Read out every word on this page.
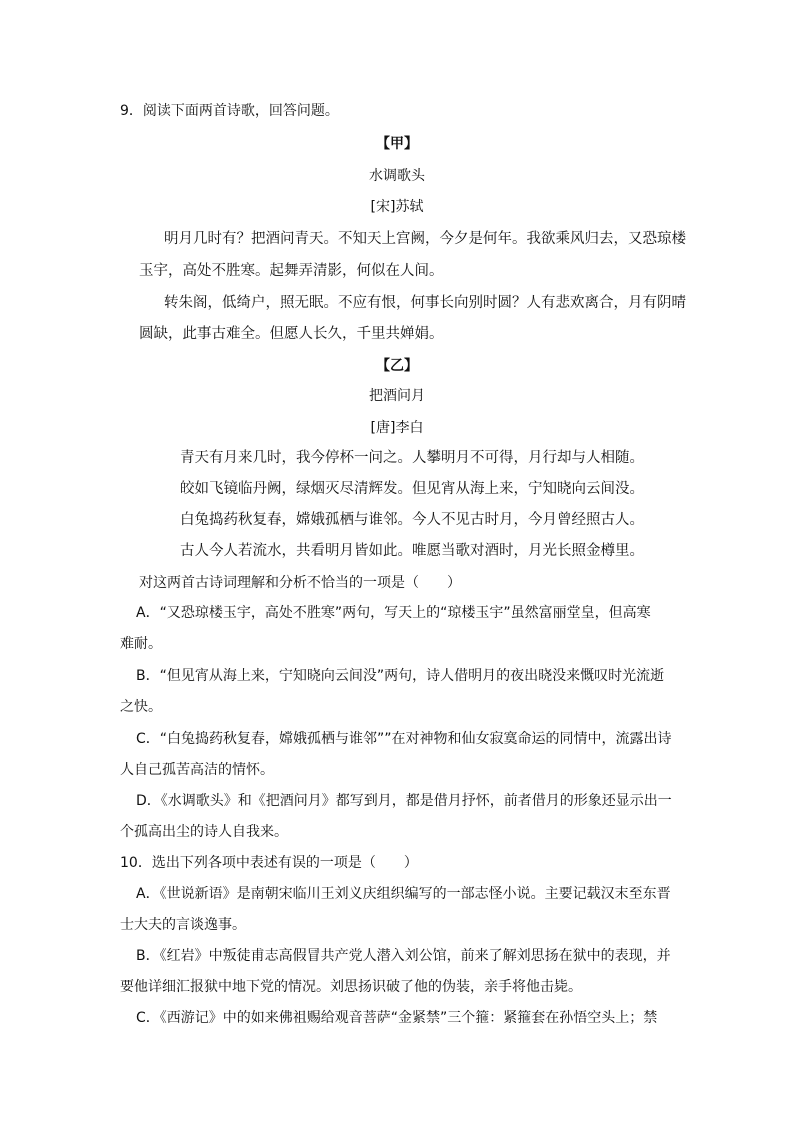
9．阅读下面两首诗歌，回答问题。
【甲】
水调歌头
[宋]苏轼
明月几时有？把酒问青天。不知天上宫阙，今夕是何年。我欲乘风归去，又恐琼楼
玉宇，高处不胜寒。起舞弄清影，何似在人间。
转朱阁，低绮户，照无眠。不应有恨，何事长向别时圆？人有悲欢离合，月有阴晴
圆缺，此事古难全。但愿人长久，千里共婵娟。
【乙】
把酒问月
[唐]李白
青天有月来几时，我今停杯一问之。人攀明月不可得，月行却与人相随。
皎如飞镜临丹阙，绿烟灭尽清辉发。但见宵从海上来，宁知晓向云间没。
白兔捣药秋复春，嫦娥孤栖与谁邻。今人不见古时月，今月曾经照古人。
古人今人若流水，共看明月皆如此。唯愿当歌对酒时，月光长照金樽里。
对这两首古诗词理解和分析不恰当的一项是（　　）
A．“又恐琼楼玉宇，高处不胜寒”两句，写天上的“琼楼玉宇”虽然富丽堂皇，但高寒
难耐。
B．“但见宵从海上来，宁知晓向云间没”两句，诗人借明月的夜出晓没来慨叹时光流逝
之快。
C．“白兔捣药秋复春，嫦娥孤栖与谁邻””在对神物和仙女寂寞命运的同情中，流露出诗
人自己孤苦高洁的情怀。
D．《水调歌头》和《把酒问月》都写到月，都是借月抒怀，前者借月的形象还显示出一
个孤高出尘的诗人自我来。
10．选出下列各项中表述有误的一项是（　　）
A．《世说新语》是南朝宋临川王刘义庆组织编写的一部志怪小说。主要记载汉末至东晋
士大夫的言谈逸事。
B．《红岩》中叛徒甫志高假冒共产党人潜入刘公馆，前来了解刘思扬在狱中的表现，并
要他详细汇报狱中地下党的情况。刘思扬识破了他的伪装，亲手将他击毙。
C．《西游记》中的如来佛祖赐给观音菩萨“金紧禁”三个箍：紧箍套在孙悟空头上；禁
